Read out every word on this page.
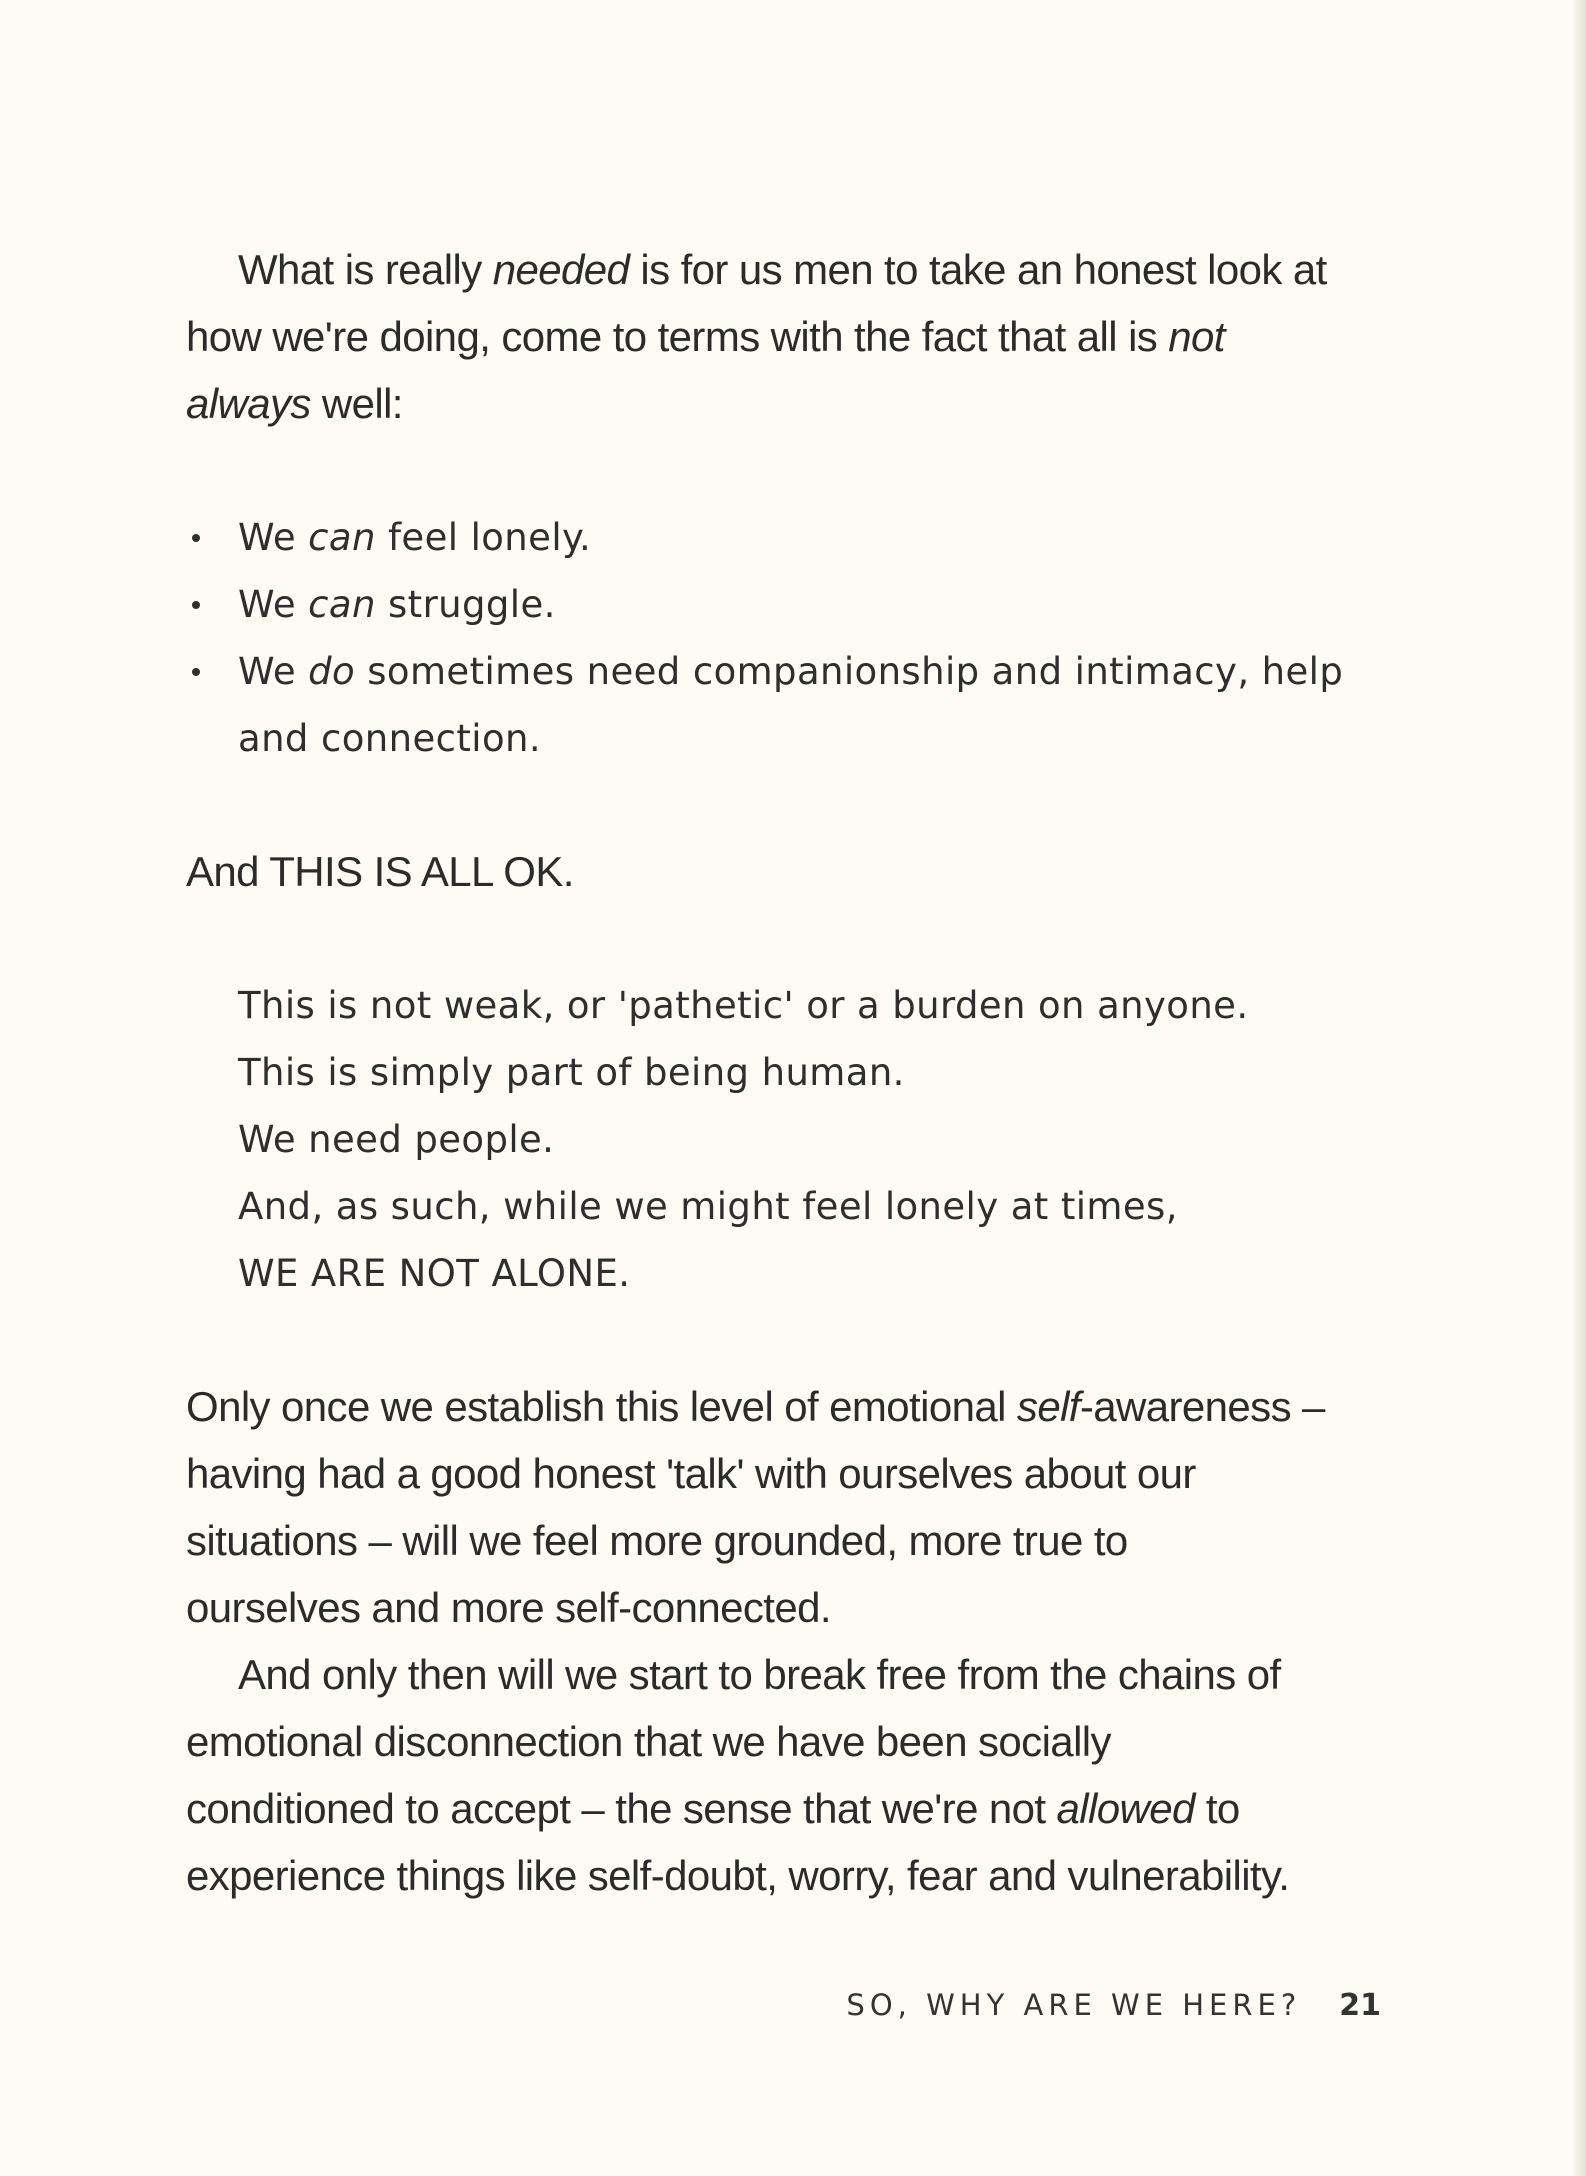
What is really needed is for us men to take an honest look at
how we're doing, come to terms with the fact that all is not
always well:

We can feel lonely.
We can struggle.
We do sometimes need companionship and intimacy, help
and connection.

And THIS IS ALL OK.

This is not weak, or 'pathetic' or a burden on anyone.
This is simply part of being human.
We need people.
And, as such, while we might feel lonely at times,
WE ARE NOT ALONE.

Only once we establish this level of emotional self-awareness –
having had a good honest 'talk' with ourselves about our
situations – will we feel more grounded, more true to
ourselves and more self-connected.

And only then will we start to break free from the chains of
emotional disconnection that we have been socially
conditioned to accept – the sense that we're not allowed to
experience things like self-doubt, worry, fear and vulnerability.

SO, WHY ARE WE HERE? 21
